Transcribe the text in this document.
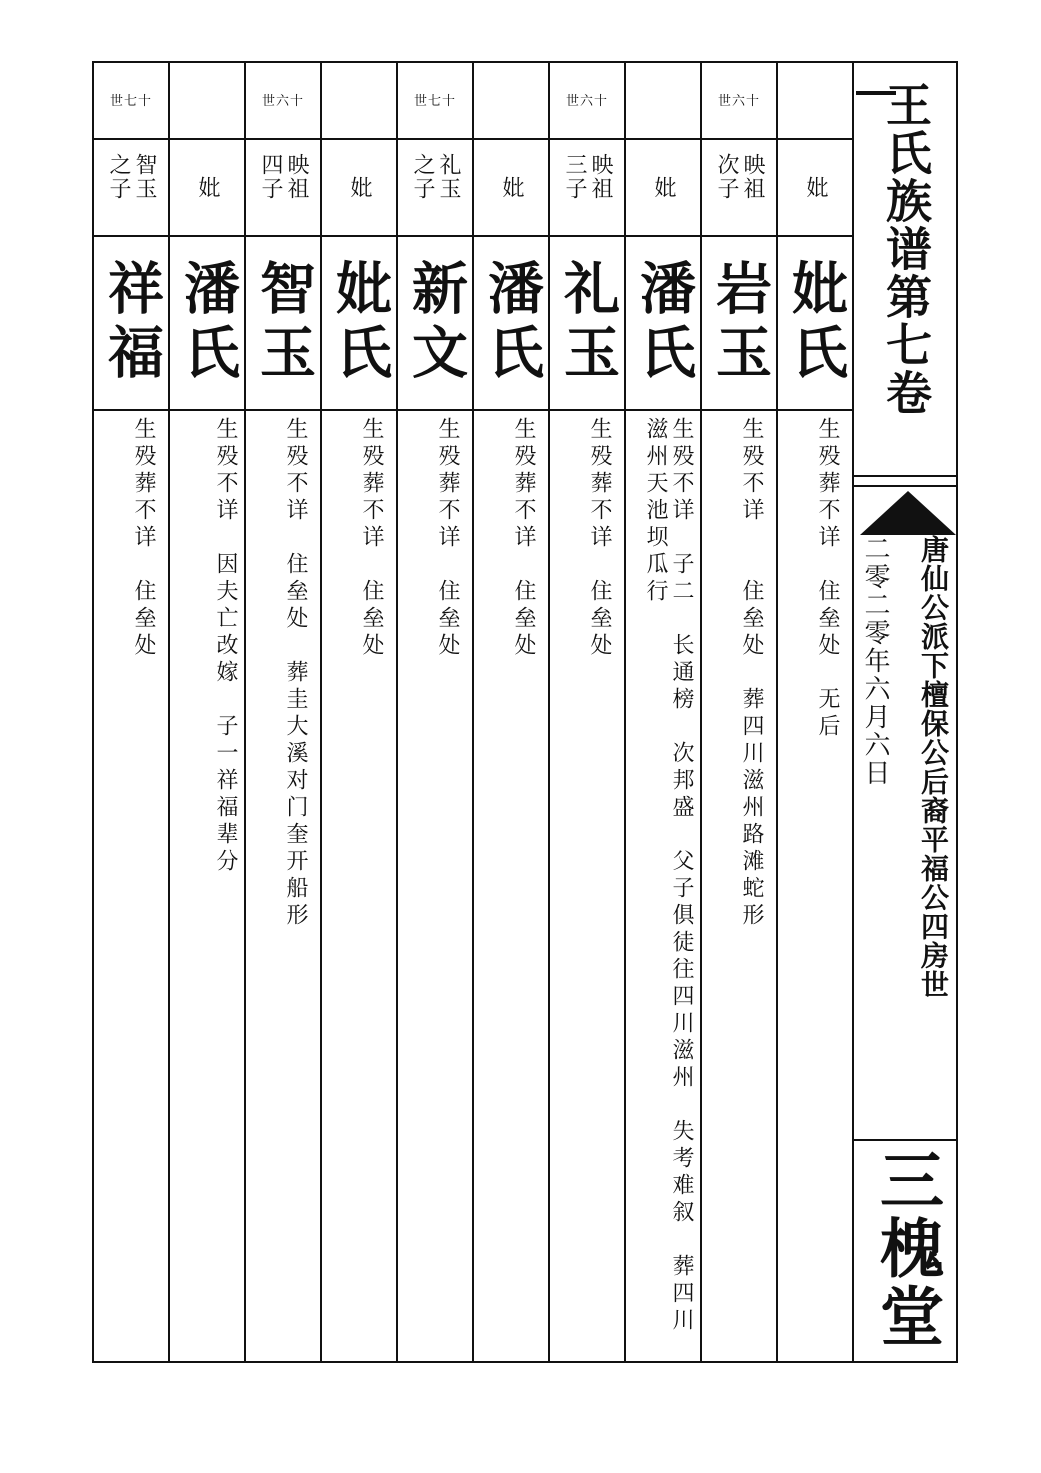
妣
妣氏
生殁葬不详　住垒处　无后
世六十
映祖次子
岩玉
生殁不详　　住垒处　葬四川滋州路滩蛇形
妣
潘氏
生殁不详　子二　长通榜　次邦盛　父子俱徒往四川滋州　失考难叙　葬四川滋州天池坝瓜行
世六十
映祖三子
礼玉
生殁葬不详　住垒处
妣
潘氏
生殁葬不详　住垒处
世七十
礼玉之子
新文
生殁葬不详　住垒处
妣
妣氏
生殁葬不详　住垒处
世六十
映祖四子
智玉
生殁不详　住垒处　葬圭大溪对门奎开船形
妣
潘氏
生殁不详　因夫亡改嫁　子一祥福辈分
世七十
智玉之子
祥福
生殁葬不详　住垒处
王氏族谱第七卷
唐仙公派下檀保公后裔平福公四房世
二零二零年六月六日
三槐堂
